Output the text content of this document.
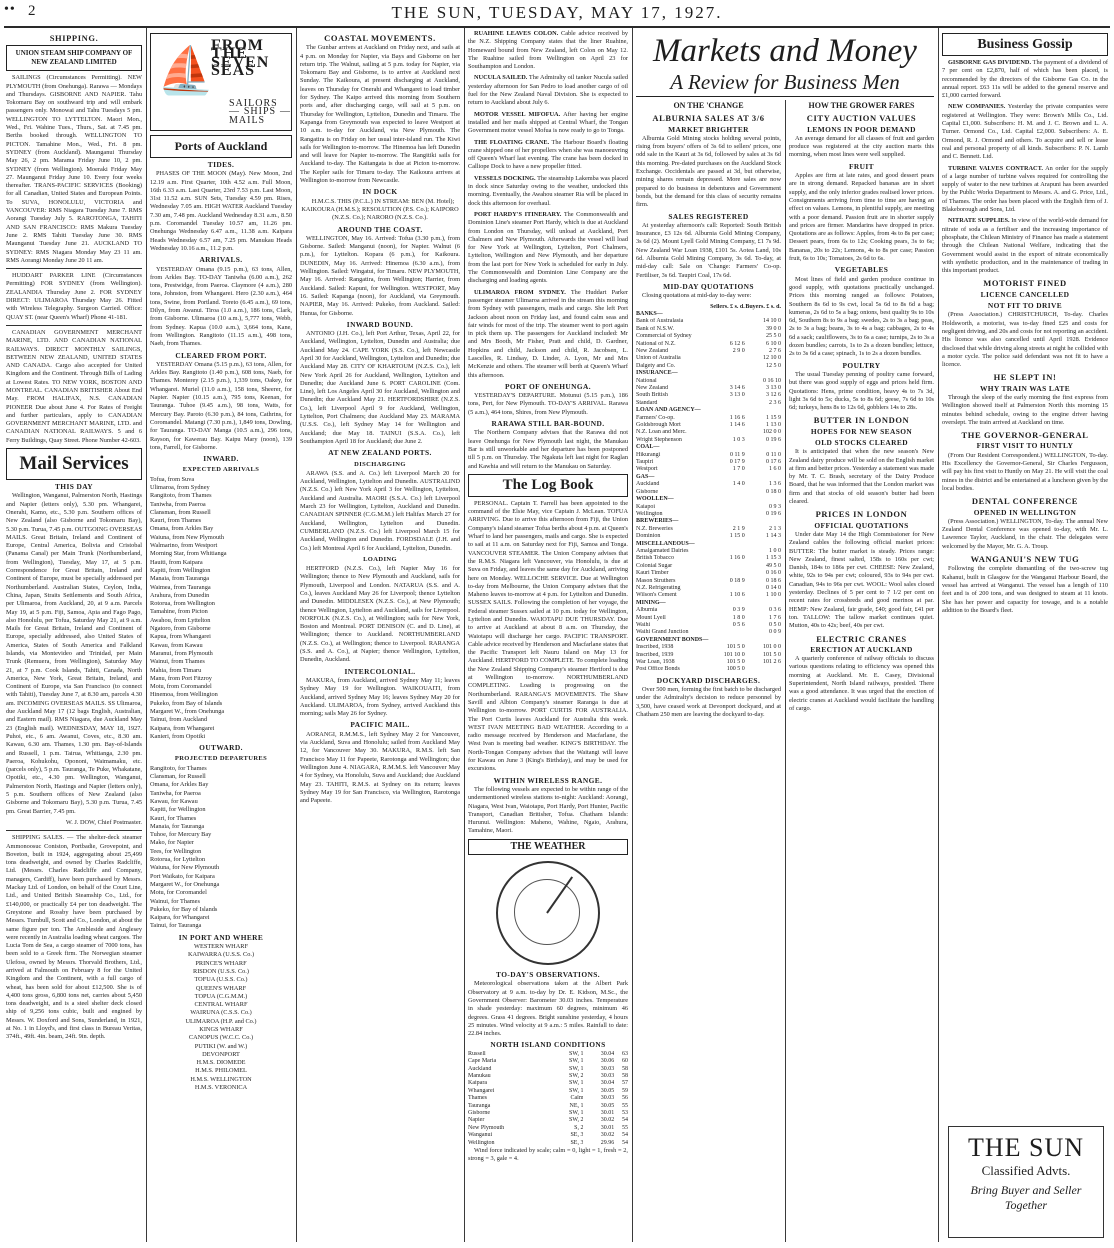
•• 2	THE SUN, TUESDAY, MAY 17, 1927.
SHIPPING.
UNION STEAM SHIP COMPANY OF NEW ZEALAND LIMITED

SAILINGS (Circumstances Permitting). NEW PLYMOUTH (from Onehunga). Rarawa — Mondays and Thursdays. GISBORNE AND NAPIER. Tahu Tokomaru Bay on southward trip and will embark passengers only. Monowai and Tahu Tuesdays 5 pm. WELLINGTON TO LYTTELTON. Maori Mon., Wed., Fri. Wahine Tues., Thurs., Sat. at 7.45 pm. Berths booked through. WELLINGTON TO PICTON. Tamahine Mon., Wed., Fri. 8 pm. SYDNEY (from Auckland). Maunganui Thursday May 26, 2 pm. Marama Friday June 10, 2 pm. SYDNEY (from Wellington). Moeraki Friday May 27. Maunganui Friday June 10. Every four weeks thereafter. TRANS-PACIFIC SERVICES (Booking) for all Canadian, United States and European Points. To SUVA, HONOLULU, VICTORIA and VANCOUVER: RMS Niagara Tuesday June 7. RMS Aorangi Tuesday July 5. RAROTONGA, TAHITI AND SAN FRANCISCO: RMS Makura Tuesday June 2. RMS Tahiti Tuesday June 30. RMS Maunganui Tuesday June 21. AUCKLAND TO SYDNEY: RMS Niagara Monday May 23 11 am. RMS Aorangi Monday June 20 11 am.

HUDDART PARKER LINE (Circumstances Permitting) FOR SYDNEY (from Wellington). ZEALANDIA Thursday June 2. FOR SYDNEY DIRECT: ULIMAROA Thursday May 26. Fitted with Wireless Telegraphy. Surgeon Carried. Office: QUAY ST. (near Queen's Wharf) Phone 41-181.

CANADIAN GOVERNMENT MERCHANT MARINE, LTD. AND CANADIAN NATIONAL RAILWAYS. DIRECT MONTHLY SAILINGS, BETWEEN NEW ZEALAND, UNITED STATES AND CANADA. Cargo also accepted for United Kingdom and the Continent. Through Bills of Lading at Lowest Rates. TO NEW YORK, BOSTON AND MONTREAL. CANADIAN BRITISHER About End May. FROM HALIFAX, N.S. CANADIAN PIONEER Due about June 4. For Rates of Freight and further particulars, apply to CANADIAN GOVERNMENT MERCHANT MARINE, LTD. and CANADIAN NATIONAL RAILWAYS. 5 and 6 Ferry Buildings, Quay Street. Phone Number 42-603.

Mail Services
THIS DAY

Wellington, Wanganui, Palmerston North, Hastings and Napier (letters only), 5.30 pm. Whangarei, Onerahi, Kamo, etc., 5.30 p.m. Southern offices of New Zealand (also Gisborne and Tokomaru Bay), 5.30 p.m. Turua, 7.45 p.m. OUTGOING OVERSEAS MAILS. Great Britain, Ireland and Continent of Europe, Central America, Bolivia and Cristobal (Panama Canal) per Main Trunk (Northumberland, from Wellington), Tuesday, May 17, at 5 p.m. Correspondence for Great Britain, Ireland and Continent of Europe, must be specially addressed per Northumberland. Australian States, Ceylon, India, China, Japan, Straits Settlements and South Africa, per Ulimaroa, from Auckland, 20, at 9 a.m. Parcels May 19, at 5 p.m. Fiji, Samoa, Apia and Fago Pago, also Honolulu, per Tofua, Saturday May 21, at 9 a.m. Mails for Great Britain, Ireland and Continent of Europe, specially addressed, also United States of America, States of South America and Falkland Islands, via Montevideo and Trinidad, per Main Trunk (Remuera, from Wellington), Saturday May 21, at 7 p.m. Cook Islands, Tahiti, Canada, North America, New York, Great Britain, Ireland, and Continent of Europe, via San Francisco (to connect with Tahiti), Tuesday June 7, at 8.30 am, parcels 4.30 am. INCOMING OVERSEAS MAILS. SS Ulimaroa, due Auckland May 17 (12 bags English, Australian, and Eastern mail). RMS Niagara, due Auckland May 23 (English mail). WEDNESDAY, MAY 18, 1927. Puhoi, etc., 6 am. Awanui, Coves, etc., 8.30 am. Kawau, 6.30 am. Thames, 1.30 pm. Bay-of-Islands and Russell, 1 p.m. Tairua, Whitianga, 2.30 pm. Paeroa, Kohukohu, Opononi, Waimamaku, etc. (parcels only), 5 p.m. Tauranga, Te Puke, Whakatane, Opotiki, etc., 4.30 pm. Wellington, Wanganui, Palmerston North, Hastings and Napier (letters only), 5 p.m. Southern offices of New Zealand (also Gisborne and Tokomaru Bay), 5.30 p.m. Turua, 7.45 pm. Great Barrier, 7.45 pm.

W. J. DOW, Chief Postmaster.

SHIPPING SALES. — The shelter-deck steamer Ammonoosuc Coniston, Portbadie, Grovepoint, and Boveton, built in 1924, aggregating about 25,499 tons deadweight, and owned by Charles Radcliffe, Ltd. (Messrs. Charles Radcliffe and Company, managers, Cardiff), have been purchased by Messrs. Mackay Ltd. of London, on behalf of the Court Line, Ltd., and United British Steamship Co., Ltd., for £140,000, or practically £4 per ton deadweight. The Greystone and Rossby have been purchased by Messrs. Turnbull, Scott and Co., London, at about the same figure per ton. The Ambleside and Anglesey were recently in Australia loading wheat cargoes. The Lucia Tom de Sea, a cargo steamer of 7000 tons, has been sold to a Greek firm. The Norwegian steamer Ulefoss, owned by Messrs. Thorvald Brothers, Ltd., arrived at Falmouth on February 8 for the United Kingdom and the Continent, with a full cargo of wheat, has been sold for about £12,500. She is of 4,400 tons gross, 6,800 tons net, carries about 5,450 tons deadweight, and is a steel shelter deck closed ship of 9,256 tons cubic, built and engined by Messrs. W. Doxford and Sons, Sunderland, in 1921, at No. 1 in Lloyd's, and first class in Bureau Veritas, 374ft., 49ft. 4in. beam, 24ft. 9in. depth.

⛵
FROM THE SEVEN SEAS
SAILORS — SHIPS — MAILS
Ports of Auckland
TIDES.

PHASES OF THE MOON (May). New Moon, 2nd 12.19 a.m. First Quarter, 10th 4.52 a.m. Full Moon, 16th 6.33 a.m. Last Quarter, 23rd 7.53 p.m. Last Moon, 31st 11.52 a.m. SUN Sets, Tuesday 4.59 pm. Rises, Wednesday 7.05 am. HIGH WATER Auckland Tuesday 7.30 am, 7.48 pm. Auckland Wednesday 8.31 a.m., 8.50 p.m. Coromandel Tuesday 10.57 am, 11.26 pm. Onehunga Wednesday 6.47 a.m., 11.38 a.m. Kaipara Heads Wednesday 6.57 am, 7.25 pm. Manukau Heads Wednesday 10.16 a.m., 11.2 p.m.

ARRIVALS.

YESTERDAY Omana (9.15 p.m.), 63 tons, Allen, from Arkles Bay. TO-DAY Taniwha (6.00 a.m.), 262 tons, Prestwidge, from Paeroa. Claymore (4 a.m.), 280 tons, Johnston, from Whangarei. Hero (2.30 a.m.), 464 tons, Swine, from Portland. Toreto (6.45 a.m.), 69 tons, Dilyn, from Awanui. Tiroa (1.0 a.m.), 186 tons, Clark, from Gisborne. Ulimaroa (10 a.m.), 5,777 tons, Webb, from Sydney. Kapua (10.0 a.m.), 3,664 tons, Kane, from Wellington. Rangitoto (11.15 a.m.), 498 tons, Naeb, from Thames.

CLEARED FROM PORT.

YESTERDAY Omana (5.15 p.m.), 63 tons, Allen, for Arkles Bay. Rangitoto (1.40 p.m.), 608 tons, Naeb, for Thames. Monterey (2.15 p.m.), 1,339 tons, Oakey, for Whangarei. Muriel (11.0 a.m.), 158 tons, Sheerer, for Napier. Napier (10.15 a.m.), 795 tons, Keenan, for Tauranga. Tuhoe (9.45 a.m.), 98 tons, Watts, for Mercury Bay. Paroto (6.30 p.m.), 84 tons, Cathrins, for Coromandel. Matangi (7.30 p.m.), 1,849 tons, Dowling, for Tauranga. TO-DAY Manga (10.5 a.m.), 296 tons, Rayson, for Kawerau Bay. Kaipu Mary (noon), 139 tons, Farrell, for Gisborne.

INWARD.
EXPECTED ARRIVALS
Tofua, from Suva
Ulimaroa, from Sydney
Rangitoto, from Thames
Taniwha, from Paeroa
Clansman, from Russell
Kauri, from Thames
Omana, from Arkles Bay
Waiuna, from New Plymouth
Walmarino, from Westport
Morning Star, from Whitianga
Hauiti, from Kaipara
Kapiti, from Wellington
Manaia, from Tauranga
Waimea, from Tauranga
Arahura, from Dunedin
Rotorua, from Wellington
Tamahine, from Picton
Awahou, from Lyttelton
Ngatoro, from Gisborne
Kapua, from Whangarei
Kawau, from Kawau
Maranui, from Plymouth
Wainui, from Thames
Mahia, from Timaru
Manu, from Port Fitzroy
Motu, from Coromandel
Hinemoa, from Wellington
Pukeko, from Bay of Islands
Margaret W., from Onehunga
Tainui, from Auckland
Kaipara, from Whangarei
Kanieri, from Opotiki
OUTWARD.
PROJECTED DEPARTURES
Rangitoto, for Thames
Clansman, for Russell
Omana, for Arkles Bay
Taniwha, for Paeroa
Kawau, for Kawau
Kapiti, for Wellington
Kauri, for Thames
Manaia, for Tauranga
Tuhoe, for Mercury Bay
Mako, for Napier
Tees, for Wellington
Rotorua, for Lyttelton
Waiuna, for New Plymouth
Port Waikato, for Kaipara
Margaret W., for Onehunga
Motu, for Coromandel
Wainui, for Thames
Pukeko, for Bay of Islands
Kaipara, for Whangarei
Tainui, for Tauranga
IN PORT AND WHERE
WESTERN WHARF
KAIWARRA (U.S.S. Co.)
PRINCE'S WHARF
RISDON (U.S.S. Co.)
TOFUA (U.S.S. Co.)
QUEEN'S WHARF
TOPUA (C.G.M.M.)
CENTRAL WHARF
WAIRUNA (C.S.S. Co.)
ULIMAROA (H.P. and Co.)
KINGS WHARF
CANOPUS (W.C.C. Co.)
PUTIKI (W. and W.)
DEVONPORT
H.M.S. DIOMEDE
H.M.S. PHILOMEL
H.M.S. WELLINGTON
H.M.S. VERONICA
COASTAL MOVEMENTS.

The Gunbar arrives at Auckland on Friday next, and sails at 4 p.m. on Monday for Napier, via Bays and Gisborne on her return trip. The Walnut, sailing at 5 p.m. today for Napier, via Tokomaru Bay and Gisborne, is to arrive at Auckland next Sunday. The Kaikoura, at present discharging at Auckland, leaves on Thursday for Onerahi and Whangarei to load timber for Sydney. The Kaipo arrived this morning from Southern ports and, after discharging cargo, will sail at 5 p.m. on Thursday for Wellington, Lyttelton, Dunedin and Timaru. The Kapanga from Greymouth was expected to leave Westport at 10 a.m. to-day for Auckland, via New Plymouth. The Rangatira is on Friday on her usual inter-island run. The Kiwi sails for Wellington to-morrow. The Hinemoa has left Dunedin and will leave for Napier to-morrow. The Rangitiki sails for Auckland to-day. The Kaitangata is due at Picton to-morrow. The Kepler sails for Timaru to-day. The Kaikoura arrives at Wellington to-morrow from Newcastle.

IN DOCK

H.M.C.S. THIS (P.C.L.) IN STREAM: BEN (M. Hotel); KAIKOURA (H.M.S.); RESOLUTION (P.S. Co.); KAIPORO (N.Z.S. Co.); NARORO (N.Z.S. Co.).

AROUND THE COAST.

WELLINGTON, May 16. Arrived: Tofua (3.30 p.m.), from Gisborne. Sailed: Manganui (noon), for Napier. Walnut (6 p.m.), for Lyttelton. Kopara (6 p.m.), for Kaikoura. DUNEDIN, May 16. Arrived: Hinemoa (6.30 a.m.), from Wellington. Sailed: Wingatui, for Timaru. NEW PLYMOUTH, May 16. Arrived: Rangatira, from Wellington; Harrier, from Auckland. Sailed: Kapuni, for Wellington. WESTPORT, May 16. Sailed: Kapanga (noon), for Auckland, via Greymouth. NAPIER, May 16. Arrived: Pukeko, from Auckland. Sailed: Hunua, for Gisborne.

INWARD BOUND.

ANTONIO (J.H. Co.), left Port Arthur, Texas, April 22, for Auckland, Wellington, Lyttelton, Dunedin and Australia; due Auckland May 24. CAPE YORK (S.S. Co.), left Newcastle April 30 for Auckland, Wellington, Lyttelton and Dunedin; due Auckland May 28. CITY OF KHARTOUM (N.Z.S. Co.), left New York April 26 for Auckland, Wellington, Lyttelton and Dunedin; due Auckland June 6. PORT CAROLINE (Com. Line), left Los Angeles April 30 for Auckland, Wellington and Dunedin; due Auckland May 21. HERTFORDSHIRE (N.Z.S. Co.), left Liverpool April 9 for Auckland, Wellington, Lyttelton, Port Chalmers; due Auckland May 23. MARAMA (U.S.S. Co.), left Sydney May 14 for Wellington and Auckland; due May 18. TAINUI (S.S.A. Co.), left Southampton April 18 for Auckland; due June 2.

AT NEW ZEALAND PORTS.
DISCHARGING

ARAWA (S.S. and A. Co.) left Liverpool March 20 for Auckland, Wellington, Lyttelton and Dunedin. AUSTRALIND (N.Z.S. Co.) left New York April 3 for Wellington, Lyttelton, Auckland and Australia. MAORI (S.S.A. Co.) left Liverpool March 23 for Wellington, Lyttelton, Auckland and Dunedin. CANADIAN SPINNER (C.G.M.M.) left Halifax March 27 for Auckland, Wellington, Lyttelton and Dunedin. CUMBERLAND (N.Z.S. Co.) left Liverpool March 15 for Auckland, Wellington and Dunedin. FORDSDALE (J.H. and Co.) left Montreal April 6 for Auckland, Lyttelton, Dunedin.

LOADING

HERTFORD (N.Z.S. Co.), left Napier May 16 for Wellington; thence to New Plymouth and Auckland, sails for Plymouth, Liverpool and London. NATARUA (S.S. and A. Co.), leaves Auckland May 26 for Liverpool; thence Lyttelton and Dunedin. MIDDLESEX (N.Z.S. Co.), at New Plymouth; thence Wellington, Lyttelton and Auckland, sails for Liverpool. NORFOLK (N.Z.S. Co.), at Wellington; sails for New York, Boston and Montreal. PORT DENISON (C. and D. Line), at Wellington; thence to Auckland. NORTHUMBERLAND (N.Z.S. Co.), at Wellington; thence to Liverpool. RARANGA (S.S. and A. Co.), at Napier; thence Wellington, Lyttelton, Dunedin, Auckland.

INTERCOLONIAL.

MAKURA, from Auckland, arrived Sydney May 11; leaves Sydney May 19 for Wellington. WAIKOUAITI, from Auckland, arrived Sydney May 16; leaves Sydney May 20 for Auckland. ULIMAROA, from Sydney, arrived Auckland this morning; sails May 26 for Sydney.

PACIFIC MAIL.

AORANGI, R.M.M.S., left Sydney May 2 for Vancouver, via Auckland, Suva and Honolulu; sailed from Auckland May 12, for Vancouver May 30. MAKURA, R.M.S. left San Francisco May 11 for Papeete, Rarotonga and Wellington; due Wellington June 4. NIAGARA, R.M.M.S. left Vancouver May 4 for Sydney, via Honolulu, Suva and Auckland; due Auckland May 23. TAHITI, R.M.S. at Sydney on its return; leaves Sydney May 19 for San Francisco, via Wellington, Rarotonga and Papeete.

RUAHINE LEAVES COLON. Cable advice received by the N.Z. Shipping Company states that the liner Ruahine, Homeward bound from New Zealand, left Colon on May 12. The Ruahine sailed from Wellington on April 23 for Southampton and London.

NUCULA SAILED. The Admiralty oil tanker Nucula sailed yesterday afternoon for San Pedro to load another cargo of oil fuel for the New Zealand Naval Division. She is expected to return to Auckland about July 6.

MOTOR VESSEL MIFOFUA. After having her engine installed and her mails shipped at Central Wharf, the Tongan Government motor vessel Mofua is now ready to go to Tonga.

THE FLOATING CRANE. The Harbour Board's floating crane shipped one of her propellers when she was manoeuvring off Queen's Wharf last evening. The crane has been docked in Calliope Dock to have a new propeller fitted.

VESSELS DOCKING. The steamship Lakemba was placed in dock since Saturday owing to the weather, undocked this morning. Eventually, the Awahou steamer Ria will be placed in dock this afternoon for overhaul.

PORT HARDY'S ITINERARY. The Commonwealth and Dominion Line's steamer Port Hardy, which is due at Auckland from London on Thursday, will unload at Auckland, Port Chalmers and New Plymouth. Afterwards the vessel will load for New York at Wellington, Lyttelton, Port Chalmers, Lyttelton, Wellington and New Plymouth, and her departure from the last port for New York is scheduled for early in July. The Commonwealth and Dominion Line Company are the discharging and loading agents.

ULIMAROA FROM SYDNEY. The Huddart Parker passenger steamer Ulimaroa arrived in the stream this morning from Sydney with passengers, mails and cargo. She left Port Jackson about noon on Friday last, and found calm seas and fair winds for most of the trip. The steamer went to port again in pick them up. The passengers for Auckland included: Mr and Mrs Booth, Mr Fisher, Pratt and child, D. Gardner, Hopkins and child, Jackson and child, R. Jacobsen, L. Lascelles, R. Lindsay, D. Linder, A. Lyon, Mr and Mrs McKenzie and others. The steamer will berth at Queen's Wharf this afternoon.

PORT OF ONEHUNGA.

YESTERDAY'S DEPARTURE. Motunui (5.15 p.m.), 186 tons, Pert, for New Plymouth. TO-DAY'S ARRIVAL. Rarawa (5 a.m.), 464 tons, Shires, from New Plymouth.

RARAWA STILL BAR-BOUND.

The Northern Company advises that the Rarawa did not leave Onehunga for New Plymouth last night, the Manukau Bar is still unworkable and her departure has been postponed till 5 p.m. on Thursday. The Ngakuta left last night for Raglan and Kawhia and will return to the Manukau on Saturday.

The Log Book

PERSONAL. Captain T. Farrell has been appointed to the command of the Elsie May, vice Captain J. McLean. TOFUA ARRIVING. Due to arrive this afternoon from Fiji, the Union Company's island steamer Tofua berths about 4 p.m. at Queen's Wharf to land her passengers, mails and cargo. She is expected to sail at 11 a.m. on Saturday next for Fiji, Samoa and Tonga. VANCOUVER STEAMER. The Union Company advises that the R.M.S. Niagara left Vancouver, via Honolulu, is due at Suva on Friday, and leaves the same day for Auckland, arriving here on Monday. WELLOCHE SERVICE. Due at Wellington to-day from Melbourne, the Union Company advises that the Maheno leaves to-morrow at 4 p.m. for Lyttelton and Dunedin. SUSSEX SAILS. Following the completion of her voyage, the Federal steamer Sussex sailed at 10 p.m. today for Wellington, Lyttelton and Dunedin. WAIOTAPU DUE THURSDAY. Due to arrive at Auckland at about 8 a.m. on Thursday, the Waiotapu will discharge her cargo. PACIFIC TRANSPORT. Cable advice received by Henderson and Macfarlane states that the Pacific Transport left Nauru Island on May 13 for Auckland. HERTFORD TO COMPLETE. To complete loading the New Zealand Shipping Company's steamer Hertford is due at Wellington to-morrow. NORTHUMBERLAND COMPLETING. Loading is progressing on the Northumberland. RARANGA'S MOVEMENTS. The Shaw Savill and Albion Company's steamer Raranga is due at Wellington to-morrow. PORT CURTIS FOR AUSTRALIA. The Port Curtis leaves Auckland for Australia this week. WEST IVAN MEETING BAD WEATHER. According to a radio message received by Henderson and Macfarlane, the West Ivan is meeting bad weather. KING'S BIRTHDAY. The North-Tongan Company advises that the Waitangi will leave for Kawau on June 3 (King's Birthday), and may be used for excursions.

WITHIN WIRELESS RANGE.

The following vessels are expected to be within range of the undermentioned wireless stations to-night: Auckland: Aorangi, Niagara, West Ivan, Waiotapu, Port Hardy, Port Hunter, Pacific Transport, Canadian Britisher, Tofua. Chatham Islands: Hurunui. Wellington: Maheno, Wahine, Ngaio, Arahura, Tamahine, Maori.

THE WEATHER
TO-DAY'S OBSERVATIONS.

Meteorological observations taken at the Albert Park Observatory at 9 a.m. to-day by Dr. E. Kidson, M.Sc., the Government Observer: Barometer 30.03 inches. Temperature in shade yesterday: maximum 60 degrees, minimum 46 degrees. Grass 41 degrees. Bright sunshine yesterday, 4 hours 25 minutes. Wind velocity at 9 a.m.: 5 miles. Rainfall to date: 22.84 inches.

NORTH ISLAND CONDITIONS
Russell	SW, 1	30.04	63
Cape Maria	SW, 1	30.06	60
Auckland	SW, 1	30.03	58
Manukau	SW, 2	30.03	58
Kaipara	SW, 1	30.04	57
Whangarei	SW, 1	30.05	59
Thames	Calm	30.03	56
Tauranga	NE, 1	30.05	55
Gisborne	SW, 1	30.01	53
Napier	SW, 2	30.02	54
New Plymouth	S, 2	30.01	55
Wanganui	SE, 3	30.02	54
Wellington	SE, 3	29.96	54

Wind force indicated by scale; calm = 0, light = 1, fresh = 2, strong = 3, gale = 4.

Markets and Money
A Review for Business Men
ON THE 'CHANGE
ALBURNIA SALES AT 3/6
MARKET BRIGHTER

Alburnia Gold Mining stocks holding several points, rising from buyers' offers of 3s 6d to sellers' prices, one odd sale in the Kauri at 3s 6d, followed by sales at 3s 6d this morning. Pre-dated purchases on the Auckland Stock Exchange. Occidentals are passed at 3d, but otherwise, mining shares remain depressed. More sales are now prepared to do business in debentures and Government bonds, but the demand for this class of security remains firm.

SALES REGISTERED

At yesterday afternoon's call: Reported: South British Insurance, £3 12s 6d. Alburnia Gold Mining Company, 3s 6d (2). Mount Lyell Gold Mining Company, £1 7s 9d. New Zealand War Loan 1938, £101 5s. Aotea Land, 10s 6d. Alburnia Gold Mining Company, 3s 6d. To-day, at mid-day call: Sale on 'Change: Farmers' Co-op. Fertiliser, 3s 6d. Taupiri Coal, 17s 6d.

MID-DAY QUOTATIONS

Closing quotations at mid-day to-day were:

	Sellers. £ s. d.	Buyers. £ s. d.
BANKS—		
Bank of Australasia		14 10 0
Bank of N.S.W.		39 0 0
Commercial of Sydney		25 5 0
National of N.Z.	6 12 6	6 10 0
New Zealand	2 9 0	2 7 6
Union of Australia		12 10 0
Dalgety and Co.		12 5 0
INSURANCE—		
National		0 16 10
New Zealand	3 14 6	3 13 0
South British	3 13 0	3 12 6
Standard		2 3 6
LOAN AND AGENCY—		
Farmers' Co-op.	1 16 6	1 15 9
Goldsbrough Mort	1 14 6	1 13 0
N.Z. Loan and Merc.		102 0 0
Wright Stephenson	1 0 3	0 19 6
COAL—		
Hikurangi	0 11 9	0 11 0
Taupiri	0 17 9	0 17 6
Westport	1 7 0	1 6 0
GAS—		
Auckland	1 4 0	1 3 6
Gisborne		0 18 0
WOOLLEN—		
Kaiapoi		0 9 3
Wellington		0 19 6
BREWERIES—		
N.Z. Breweries	2 1 9	2 1 3
Dominion	1 15 0	1 14 3
MISCELLANEOUS—		
Amalgamated Dairies		1 0 0
British Tobacco	1 16 0	1 15 3
Colonial Sugar		49 5 0
Kauri Timber		0 16 0
Mason Struthers	0 18 9	0 18 6
N.Z. Refrigerating		0 14 0
Wilson's Cement	1 10 6	1 10 0
MINING—		
Alburnia	0 3 9	0 3 6
Mount Lyell	1 8 0	1 7 6
Waihi	0 5 6	0 5 0
Waihi Grand Junction		0 0 9
GOVERNMENT BONDS—		
Inscribed, 1938	101 5 0	101 0 0
Inscribed, 1939	101 10 0	101 5 0
War Loan, 1938	101 5 0	101 2 6
Post Office Bonds	100 5 0	
DOCKYARD DISCHARGES.

Over 500 men, forming the first batch to be discharged under the Admiralty's decision to reduce personnel by 3,500, have ceased work at Devonport dockyard, and at Chatham 250 men are leaving the dockyard to-day.

HOW THE GROWER FARES
CITY AUCTION VALUES
LEMONS IN POOR DEMAND

An average demand for all classes of fruit and garden produce was registered at the city auction marts this morning, when most lines were well supplied.

FRUIT

Apples are firm at late rates, and good dessert pears are in strong demand. Repacked bananas are in short supply, and the only inferior grades realised lower prices. Consignments arriving from time to time are having an effect on values. Lemons, in plentiful supply, are meeting with a poor demand. Passion fruit are in shorter supply and prices are firmer. Mandarins have dropped in price. Quotations are as follows: Apples, from 4s to 8s per case; Dessert pears, from 6s to 12s; Cooking pears, 3s to 6s; Bananas, 20s to 22s; Lemons, 4s to 8s per case; Passion fruit, 6s to 10s; Tomatoes, 2s 6d to 6s.

VEGETABLES

Most lines of field and garden produce continue in good supply, with quotations practically unchanged. Prices this morning ranged as follows: Potatoes, Southern 8s 6d to 9s cwt, local 5s 6d to 8s 6d a bag; kumeras, 2s 6d to 5s a bag; onions, best quality 9s to 10s 6d, Southern 8s to 9s a bag; swedes, 2s to 3s a bag; peas, 2s to 3s a bag; beans, 3s to 4s a bag; cabbages, 2s to 4s 6d a sack; cauliflowers, 3s to 6s a case; turnips, 2s to 3s a dozen bundles; carrots, 1s to 2s a dozen bundles; lettuce, 2s to 3s 6d a case; spinach, 1s to 2s a dozen bundles.

POULTRY

The usual Tuesday penning of poultry came forward, but there was good supply of eggs and prices held firm. Quotations: Hens, prime condition, heavy 4s to 7s 3d, light 3s 6d to 5s; ducks, 5s to 8s 6d; geese, 7s 6d to 10s 6d; turkeys, hens 8s to 12s 6d, gobblers 14s to 28s.

BUTTER IN LONDON
HOPES FOR NEW SEASON
OLD STOCKS CLEARED

It is anticipated that when the new season's New Zealand dairy produce will be sold on the English market at firm and better prices. Yesterday a statement was made by Mr. T. C. Brash, secretary of the Dairy Produce Board, that he was informed that the London market was firm and that stocks of old season's butter had been cleared.

PRICES IN LONDON
OFFICIAL QUOTATIONS

Under date May 14 the High Commissioner for New Zealand cables the following official market prices: BUTTER: The butter market is steady. Prices range: New Zealand, finest salted, 158s to 160s per cwt; Danish, 184s to 186s per cwt. CHEESE: New Zealand, white, 92s to 94s per cwt; coloured, 93s to 94s per cwt. Canadian, 94s to 96s per cwt. WOOL: Wool sales closed yesterday. Declines of 5 per cent to 7 1/2 per cent on recent rates for crossbreds and good merinos at par. HEMP: New Zealand, fair grade, £40; good fair, £41 per ton. TALLOW: The tallow market continues quiet. Mutton, 40s to 42s; beef, 40s per cwt.

ELECTRIC CRANES
ERECTION AT AUCKLAND

A quarterly conference of railway officials to discuss various questions relating to efficiency was opened this morning at Auckland. Mr. E. Casey, Divisional Superintendent, North Island railways, presided. There was a good attendance. It was urged that the erection of electric cranes at Auckland would facilitate the handling of cargo.

Business Gossip

GISBORNE GAS DIVIDEND. The payment of a dividend of 7 per cent on £2,870, half of which has been placed, is recommended by the directors of the Gisborne Gas Co. in the annual report. £63 11s will be added to the general reserve and £1,000 carried forward.

NEW COMPANIES. Yesterday the private companies were registered at Wellington. They were: Brown's Mills Co., Ltd. Capital £1,000. Subscribers: H. M. and J. C. Brown and L. A. Turner. Ormond Co., Ltd. Capital £2,000. Subscribers: A. E. Ormond, R. J. Ormond and others. To acquire and sell or lease real and personal property of all kinds. Subscribers: P. N. Lamb and C. Bennett. Ltd.

TURBINE VALVES CONTRACT. An order for the supply of a large number of turbine valves required for controlling the supply of water to the new turbines at Arapuni has been awarded by the Public Works Department to Messrs. A. and G. Price, Ltd., of Thames. The order has been placed with the English firm of J. Blakeborough and Sons, Ltd.

NITRATE SUPPLIES. In view of the world-wide demand for nitrate of soda as a fertiliser and the increasing importance of phosphate, the Chilean Ministry of Finance has made a statement through the Chilean National Welfare, indicating that the Government would assist in the export of nitrate economically with synthetic production, and in the maintenance of trading in this important product.

MOTORIST FINED
LICENCE CANCELLED
NOT FIT TO DRIVE

(Press Association.) CHRISTCHURCH, To-day. Charles Holdsworth, a motorist, was to-day fined £25 and costs for negligent driving, and 20s and costs for not reporting an accident. His licence was also cancelled until April 1928. Evidence disclosed that while driving along streets at night he collided with a motor cycle. The police said defendant was not fit to have a licence.

HE SLEPT IN!
WHY TRAIN WAS LATE

Through the sleep of the early morning the first express from Wellington showed itself at Palmerston North this morning 15 minutes behind schedule, owing to the engine driver having overslept. The train arrived at Auckland on time.

THE GOVERNOR-GENERAL
FIRST VISIT TO HUNTLY

(From Our Resident Correspondent.) WELLINGTON, To-day. His Excellency the Governor-General, Sir Charles Fergusson, will pay his first visit to Huntly on May 21. He will visit the coal mines in the district and be entertained at a luncheon given by the local bodies.

DENTAL CONFERENCE
OPENED IN WELLINGTON

(Press Association.) WELLINGTON, To-day. The annual New Zealand Dental Conference was opened to-day, with Mr. L. Lawrence Taylor, Auckland, in the chair. The delegates were welcomed by the Mayor, Mr. G. A. Troup.

WANGANUI'S NEW TUG

Following the complete dismantling of the two-screw tug Kahanui, built in Glasgow for the Wanganui Harbour Board, the vessel has arrived at Wanganui. The vessel has a length of 110 feet and is of 200 tons, and was designed to steam at 11 knots. She has her power and capacity for towage, and is a notable addition to the Board's fleet.

THE SUN
Classified Advts.
Bring Buyer and Seller Together
